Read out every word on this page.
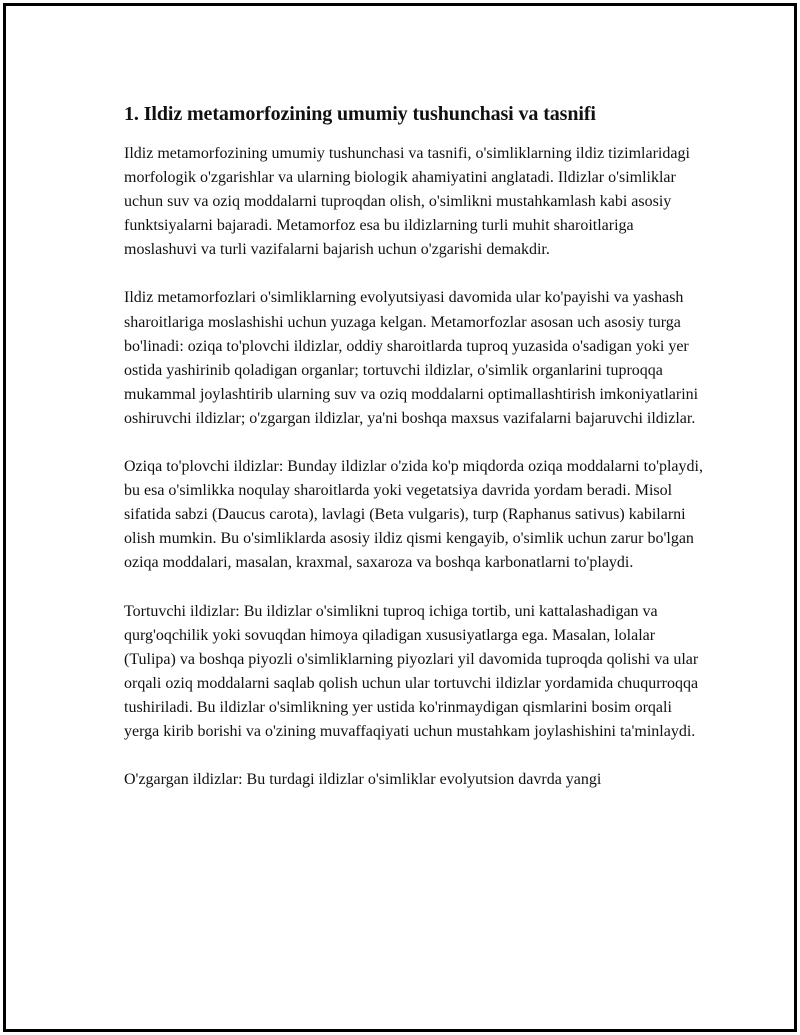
1. Ildiz metamorfozining umumiy tushunchasi va tasnifi

Ildiz metamorfozining umumiy tushunchasi va tasnifi, o'simliklarning ildiz tizimlaridagi morfologik o'zgarishlar va ularning biologik ahamiyatini anglatadi. Ildizlar o'simliklar uchun suv va oziq moddalarni tuproqdan olish, o'simlikni mustahkamlash kabi asosiy funktsiyalarni bajaradi. Metamorfoz esa bu ildizlarning turli muhit sharoitlariga moslashuvi va turli vazifalarni bajarish uchun o'zgarishi demakdir.

Ildiz metamorfozlari o'simliklarning evolyutsiyasi davomida ular ko'payishi va yashash sharoitlariga moslashishi uchun yuzaga kelgan. Metamorfozlar asosan uch asosiy turga bo'linadi: oziqa to'plovchi ildizlar, oddiy sharoitlarda tuproq yuzasida o'sadigan yoki yer ostida yashirinib qoladigan organlar; tortuvchi ildizlar, o'simlik organlarini tuproqqa mukammal joylashtirib ularning suv va oziq moddalarni optimallashtirish imkoniyatlarini oshiruvchi ildizlar; o'zgargan ildizlar, ya'ni boshqa maxsus vazifalarni bajaruvchi ildizlar.

Oziqa to'plovchi ildizlar: Bunday ildizlar o'zida ko'p miqdorda oziqa moddalarni to'playdi, bu esa o'simlikka noqulay sharoitlarda yoki vegetatsiya davrida yordam beradi. Misol sifatida sabzi (Daucus carota), lavlagi (Beta vulgaris), turp (Raphanus sativus) kabilarni olish mumkin. Bu o'simliklarda asosiy ildiz qismi kengayib, o'simlik uchun zarur bo'lgan oziqa moddalari, masalan, kraxmal, saxaroza va boshqa karbonatlarni to'playdi.

Tortuvchi ildizlar: Bu ildizlar o'simlikni tuproq ichiga tortib, uni kattalashadigan va qurg'oqchilik yoki sovuqdan himoya qiladigan xususiyatlarga ega. Masalan, lolalar (Tulipa) va boshqa piyozli o'simliklarning piyozlari yil davomida tuproqda qolishi va ular orqali oziq moddalarni saqlab qolish uchun ular tortuvchi ildizlar yordamida chuqurroqqa tushiriladi. Bu ildizlar o'simlikning yer ustida ko'rinmaydigan qismlarini bosim orqali yerga kirib borishi va o'zining muvaffaqiyati uchun mustahkam joylashishini ta'minlaydi.

O'zgargan ildizlar: Bu turdagi ildizlar o'simliklar evolyutsion davrda yangi
